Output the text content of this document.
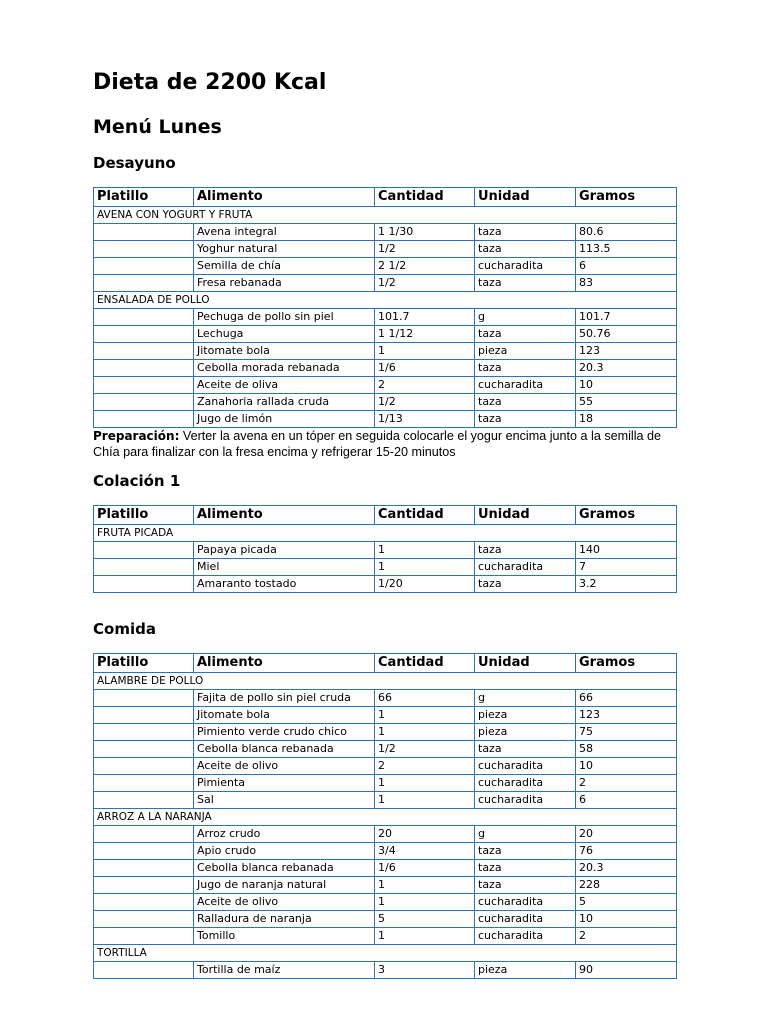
Dieta de 2200 Kcal
Menú Lunes
Desayuno
Platillo	Alimento	Cantidad	Unidad	Gramos
AVENA CON YOGURT Y FRUTA				
	Avena integral	1 1/30	taza	80.6
	Yoghur natural	1/2	taza	113.5
	Semilla de chía	2 1/2	cucharadita	6
	Fresa rebanada	1/2	taza	83
ENSALADA DE POLLO				
	Pechuga de pollo sin piel	101.7	g	101.7
	Lechuga	1 1/12	taza	50.76
	Jitomate bola	1	pieza	123
	Cebolla morada rebanada	1/6	taza	20.3
	Aceite de oliva	2	cucharadita	10
	Zanahoria rallada cruda	1/2	taza	55
	Jugo de limón	1/13	taza	18
Preparación: Verter la avena en un tóper en seguida colocarle el yogur encima junto a la semilla de Chía para finalizar con la fresa encima y refrigerar 15-20 minutos
Colación 1
Platillo	Alimento	Cantidad	Unidad	Gramos
FRUTA PICADA				
	Papaya picada	1	taza	140
	Miel	1	cucharadita	7
	Amaranto tostado	1/20	taza	3.2
Comida
Platillo	Alimento	Cantidad	Unidad	Gramos
ALAMBRE DE POLLO				
	Fajita de pollo sin piel cruda	66	g	66
	Jitomate bola	1	pieza	123
	Pimiento verde crudo chico	1	pieza	75
	Cebolla blanca rebanada	1/2	taza	58
	Aceite de olivo	2	cucharadita	10
	Pimienta	1	cucharadita	2
	Sal	1	cucharadita	6
ARROZ A LA NARANJA				
	Arroz crudo	20	g	20
	Apio crudo	3/4	taza	76
	Cebolla blanca rebanada	1/6	taza	20.3
	Jugo de naranja natural	1	taza	228
	Aceite de olivo	1	cucharadita	5
	Ralladura de naranja	5	cucharadita	10
	Tomillo	1	cucharadita	2
TORTILLA				
	Tortilla de maíz	3	pieza	90
